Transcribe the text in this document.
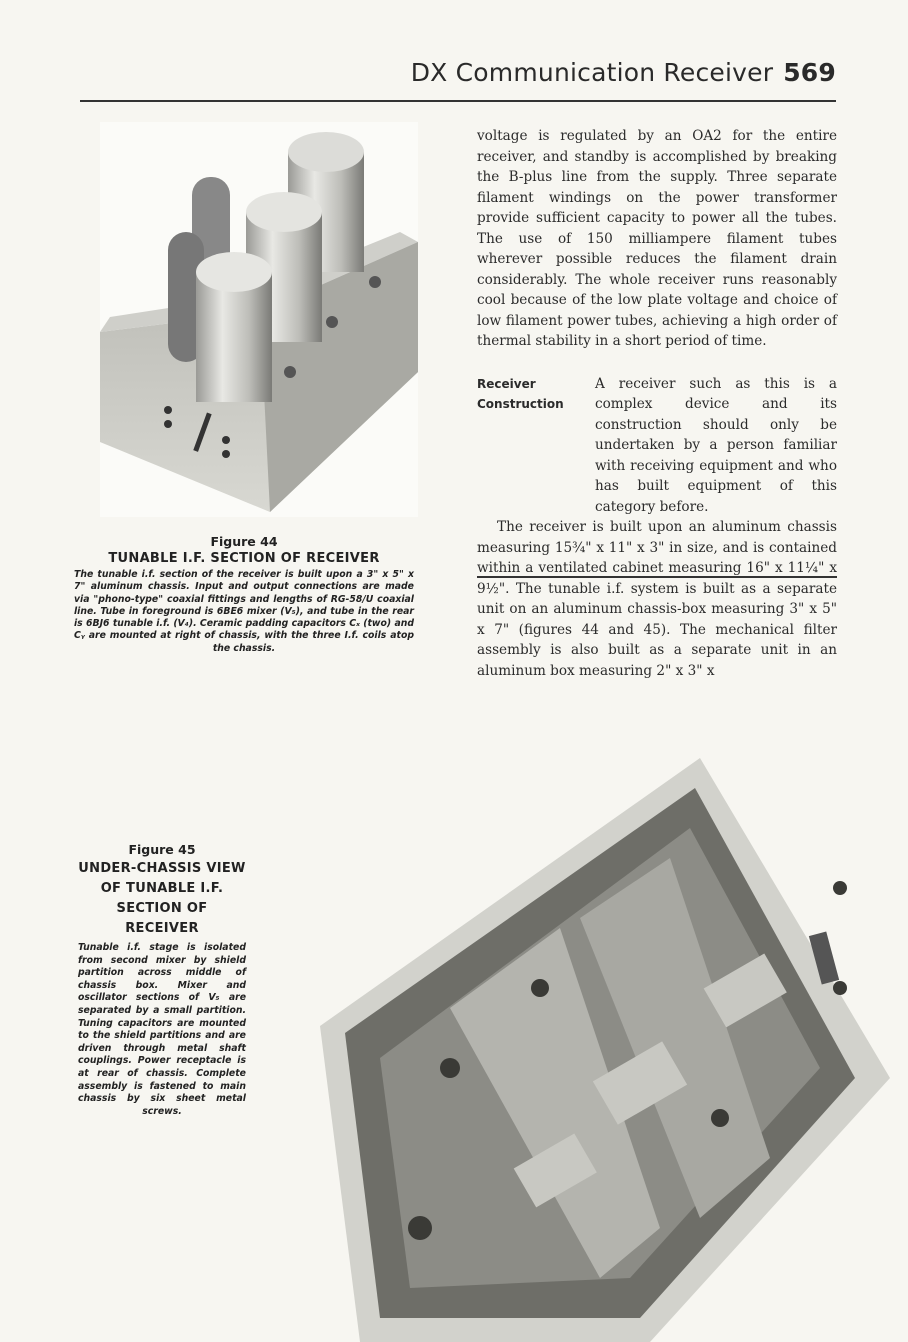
DX Communication Receiver 569
Figure 44
TUNABLE I.F. SECTION OF RECEIVER
The tunable i.f. section of the receiver is built upon a 3" x 5" x 7" aluminum chassis. Input and output connections are made via "phono-type" coaxial fittings and lengths of RG-58/U coaxial line. Tube in foreground is 6BE6 mixer (V₅), and tube in the rear is 6BJ6 tunable i.f. (V₄). Ceramic padding capacitors Cₓ (two) and Cᵧ are mounted at right of chassis, with the three I.f. coils atop the chassis.

voltage is regulated by an OA2 for the entire receiver, and standby is accomplished by breaking the B-plus line from the supply. Three separate filament windings on the power transformer provide sufficient capacity to power all the tubes. The use of 150 milliampere filament tubes wherever possible reduces the filament drain considerably. The whole receiver runs reasonably cool because of the low plate voltage and choice of low filament power tubes, achieving a high order of thermal stability in a short period of time.

Receiver
Construction
A receiver such as this is a complex device and its construction should only be undertaken by a person familiar with receiving equipment and who has built equipment of this category before.

The receiver is built upon an aluminum chassis measuring 15¾" x 11" x 3" in size, and is contained within a ventilated cabinet measuring 16" x 11¼" x 9½". The tunable i.f. system is built as a separate unit on an aluminum chassis-box measuring 3" x 5" x 7" (figures 44 and 45). The mechanical filter assembly is also built as a separate unit in an aluminum box measuring 2" x 3" x

Figure 45
UNDER-CHASSIS VIEW OF TUNABLE I.F. SECTION OF RECEIVER
Tunable i.f. stage is isolated from second mixer by shield partition across middle of chassis box. Mixer and oscillator sections of V₅ are separated by a small partition. Tuning capacitors are mounted to the shield partitions and are driven through metal shaft couplings. Power receptacle is at rear of chassis. Complete assembly is fastened to main chassis by six sheet metal screws.
